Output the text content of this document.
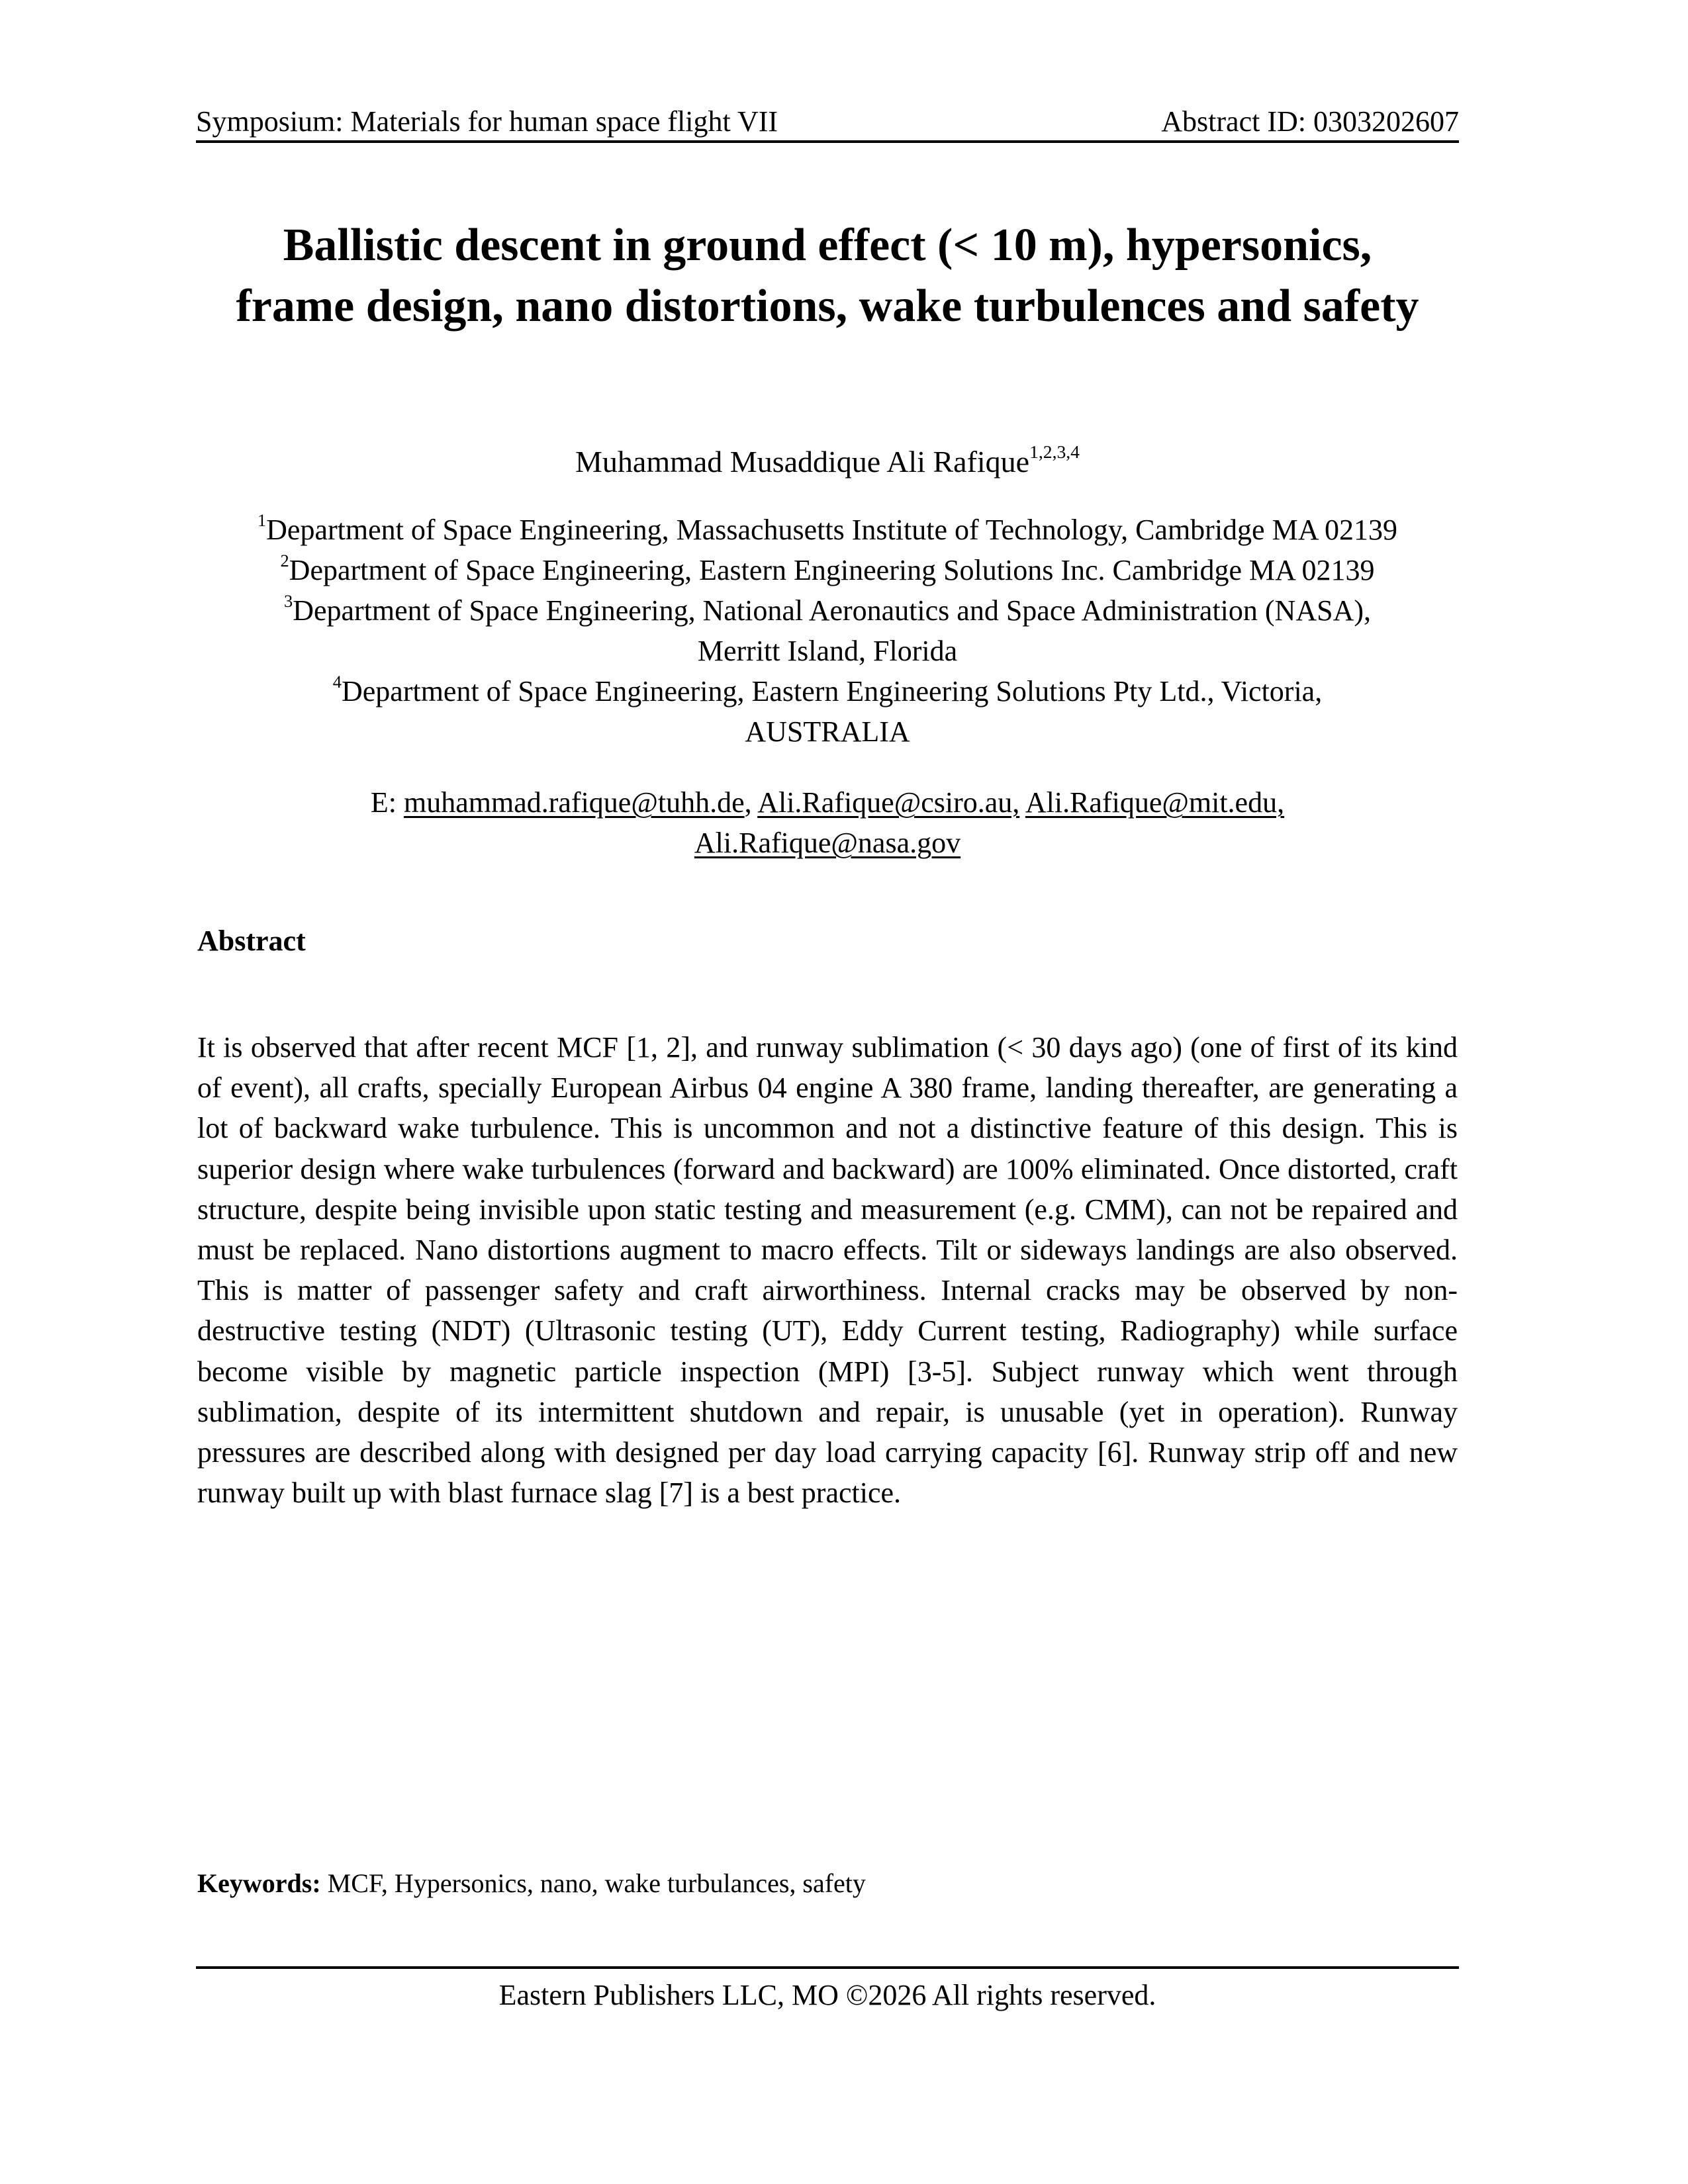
Symposium: Materials for human space flight VII	Abstract ID: 0303202607
Ballistic descent in ground effect (< 10 m), hypersonics,
frame design, nano distortions, wake turbulences and safety
Muhammad Musaddique Ali Rafique$^{1,2,3,4}$
$^1$Department of Space Engineering, Massachusetts Institute of Technology, Cambridge MA 02139
$^2$Department of Space Engineering, Eastern Engineering Solutions Inc. Cambridge MA 02139
$^3$Department of Space Engineering, National Aeronautics and Space Administration (NASA),
Merritt Island, Florida
$^4$Department of Space Engineering, Eastern Engineering Solutions Pty Ltd., Victoria,
AUSTRALIA
E: muhammad.rafique@tuhh.de, Ali.Rafique@csiro.au, Ali.Rafique@mit.edu,
Ali.Rafique@nasa.gov
Abstract

It is observed that after recent MCF [1, 2], and runway sublimation (< 30 days ago) (one of first of its kind of event), all crafts, specially European Airbus 04 engine A 380 frame, landing thereafter, are generating a lot of backward wake turbulence. This is uncommon and not a distinctive feature of this design. This is superior design where wake turbulences (forward and backward) are 100% eliminated. Once distorted, craft structure, despite being invisible upon static testing and measurement (e.g. CMM), can not be repaired and must be replaced. Nano distortions augment to macro effects. Tilt or sideways landings are also observed. This is matter of passenger safety and craft airworthiness. Internal cracks may be observed by non-destructive testing (NDT) (Ultrasonic testing (UT), Eddy Current testing, Radiography) while surface become visible by magnetic particle inspection (MPI) [3-5]. Subject runway which went through sublimation, despite of its intermittent shutdown and repair, is unusable (yet in operation). Runway pressures are described along with designed per day load carrying capacity [6]. Runway strip off and new runway built up with blast furnace slag [7] is a best practice.

Keywords: MCF, Hypersonics, nano, wake turbulances, safety
Eastern Publishers LLC, MO ©2026 All rights reserved.
